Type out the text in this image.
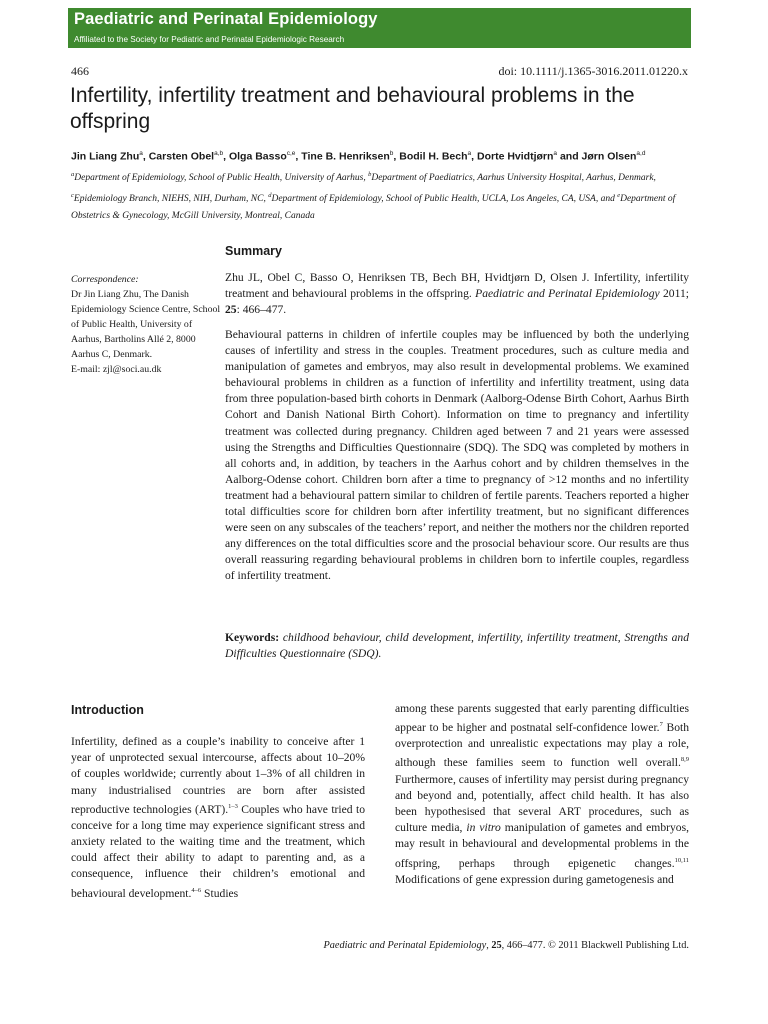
Paediatric and Perinatal Epidemiology
Affiliated to the Society for Pediatric and Perinatal Epidemiologic Research
466	doi: 10.1111/j.1365-3016.2011.01220.x
Infertility, infertility treatment and behavioural problems in the offspring
Jin Liang Zhu$^a$, Carsten Obel$^{a,b}$, Olga Basso$^{c,e}$, Tine B. Henriksen$^b$, Bodil H. Bech$^a$, Dorte Hvidtjørn$^a$ and Jørn Olsen$^{a,d}$
$^a$Department of Epidemiology, School of Public Health, University of Aarhus, $^b$Department of Paediatrics, Aarhus University Hospital, Aarhus, Denmark, $^c$Epidemiology Branch, NIEHS, NIH, Durham, NC, $^d$Department of Epidemiology, School of Public Health, UCLA, Los Angeles, CA, USA, and $^e$Department of Obstetrics & Gynecology, McGill University, Montreal, Canada
Summary
Correspondence:
Dr Jin Liang Zhu, The Danish Epidemiology Science Centre, School of Public Health, University of Aarhus, Bartholins Allé 2, 8000 Aarhus C, Denmark.
E-mail: zjl@soci.au.dk
Zhu JL, Obel C, Basso O, Henriksen TB, Bech BH, Hvidtjørn D, Olsen J. Infertility, infertility treatment and behavioural problems in the offspring. Paediatric and Perinatal Epidemiology 2011; 25: 466–477.
Behavioural patterns in children of infertile couples may be influenced by both the underlying causes of infertility and stress in the couples. Treatment procedures, such as culture media and manipulation of gametes and embryos, may also result in developmental problems. We examined behavioural problems in children as a function of infertility and infertility treatment, using data from three population-based birth cohorts in Denmark (Aalborg-Odense Birth Cohort, Aarhus Birth Cohort and Danish National Birth Cohort). Information on time to pregnancy and infertility treatment was collected during pregnancy. Children aged between 7 and 21 years were assessed using the Strengths and Difficulties Questionnaire (SDQ). The SDQ was completed by mothers in all cohorts and, in addition, by teachers in the Aarhus cohort and by children themselves in the Aalborg-Odense cohort. Children born after a time to pregnancy of >12 months and no infertility treatment had a behavioural pattern similar to children of fertile parents. Teachers reported a higher total difficulties score for children born after infertility treatment, but no significant differences were seen on any subscales of the teachers’ report, and neither the mothers nor the children reported any differences on the total difficulties score and the prosocial behaviour score. Our results are thus overall reassuring regarding behavioural problems in children born to infertile couples, regardless of infertility treatment.
Keywords: childhood behaviour, child development, infertility, infertility treatment, Strengths and Difficulties Questionnaire (SDQ).
Introduction
Infertility, defined as a couple’s inability to conceive after 1 year of unprotected sexual intercourse, affects about 10–20% of couples worldwide; currently about 1–3% of all children in many industrialised countries are born after assisted reproductive technologies (ART).$^{1-3}$ Couples who have tried to conceive for a long time may experience significant stress and anxiety related to the waiting time and the treatment, which could affect their ability to adapt to parenting and, as a consequence, influence their children’s emotional and behavioural development.$^{4-6}$ Studies
among these parents suggested that early parenting difficulties appear to be higher and postnatal self-confidence lower.$^7$ Both overprotection and unrealistic expectations may play a role, although these families seem to function well overall.$^{8,9}$ Furthermore, causes of infertility may persist during pregnancy and beyond and, potentially, affect child health. It has also been hypothesised that several ART procedures, such as culture media, in vitro manipulation of gametes and embryos, may result in behavioural and developmental problems in the offspring, perhaps through epigenetic changes.$^{10,11}$ Modifications of gene expression during gametogenesis and
Paediatric and Perinatal Epidemiology, 25, 466–477. © 2011 Blackwell Publishing Ltd.
